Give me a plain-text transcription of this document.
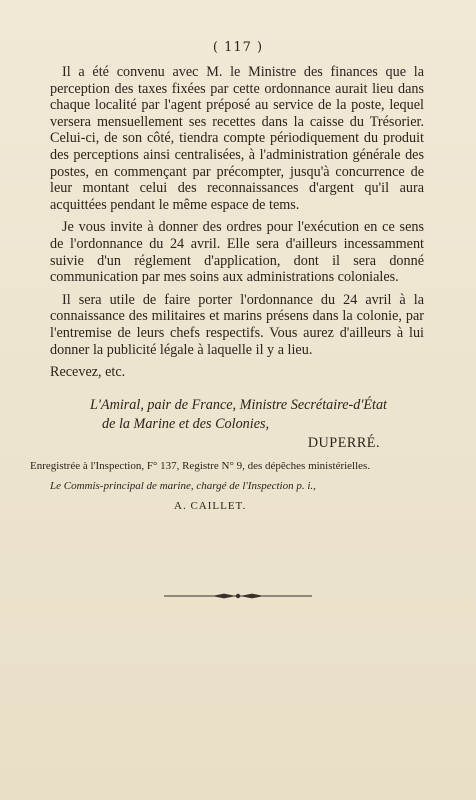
( 117 )

Il a été convenu avec M. le Ministre des finances que la perception des taxes fixées par cette ordonnance aurait lieu dans chaque localité par l'agent préposé au service de la poste, lequel versera mensuellement ses recettes dans la caisse du Trésorier. Celui-ci, de son côté, tiendra compte périodiquement du produit des perceptions ainsi centralisées, à l'administration générale des postes, en commençant par précompter, jusqu'à concurrence de leur montant celui des reconnaissances d'argent qu'il aura acquittées pendant le même espace de tems.

Je vous invite à donner des ordres pour l'exécution en ce sens de l'ordonnance du 24 avril. Elle sera d'ailleurs incessamment suivie d'un réglement d'application, dont il sera donné communication par mes soins aux administrations coloniales.

Il sera utile de faire porter l'ordonnance du 24 avril à la connaissance des militaires et marins présens dans la colonie, par l'entremise de leurs chefs respectifs. Vous aurez d'ailleurs à lui donner la publicité légale à laquelle il y a lieu.

Recevez, etc.

L'Amiral, pair de France, Ministre Secrétaire-d'État
de la Marine et des Colonies,
DUPERRÉ.
Enregistrée à l'Inspection, F° 137, Registre N° 9, des dépêches ministérielles.
Le Commis-principal de marine, chargé de l'Inspection p. i.,
A. CAILLET.
